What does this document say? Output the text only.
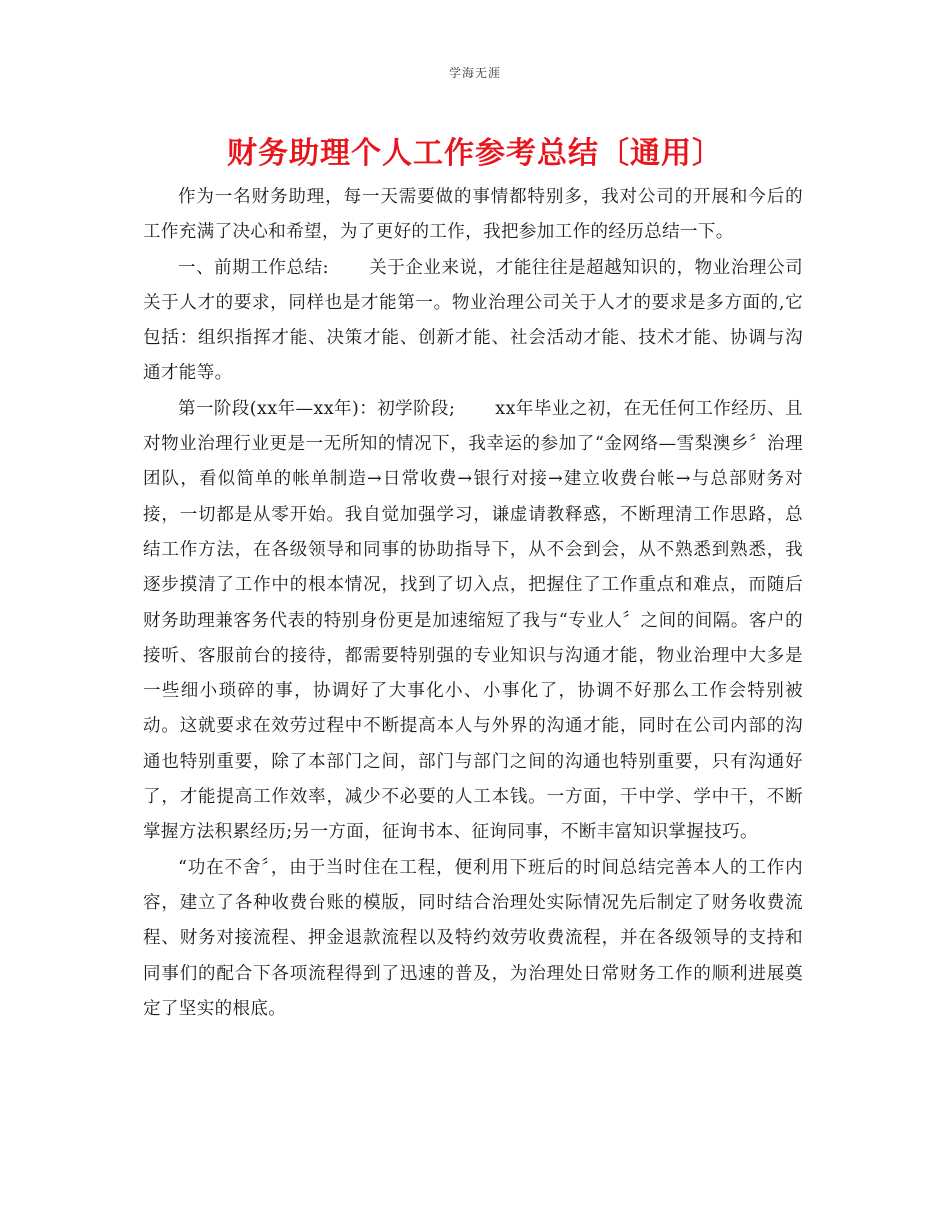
学海无涯
财务助理个人工作参考总结〔通用〕

作为一名财务助理，每一天需要做的事情都特别多，我对公司的开展和今后的工作充满了决心和希望，为了更好的工作，我把参加工作的经历总结一下。

一、前期工作总结: 关于企业来说，才能往往是超越知识的，物业治理公司关于人才的要求，同样也是才能第一。物业治理公司关于人才的要求是多方面的,它包括：组织指挥才能、决策才能、创新才能、社会活动才能、技术才能、协调与沟通才能等。

第一阶段(xx年—xx年)：初学阶段; xx年毕业之初，在无任何工作经历、且对物业治理行业更是一无所知的情况下，我幸运的参加了“金网络—雪梨澳乡〞治理团队，看似简单的帐单制造→日常收费→银行对接→建立收费台帐→与总部财务对接，一切都是从零开始。我自觉加强学习，谦虚请教释惑，不断理清工作思路，总结工作方法，在各级领导和同事的协助指导下，从不会到会，从不熟悉到熟悉，我逐步摸清了工作中的根本情况，找到了切入点，把握住了工作重点和难点，而随后财务助理兼客务代表的特别身份更是加速缩短了我与“专业人〞之间的间隔。客户的接听、客服前台的接待，都需要特别强的专业知识与沟通才能，物业治理中大多是一些细小琐碎的事，协调好了大事化小、小事化了，协调不好那么工作会特别被动。这就要求在效劳过程中不断提高本人与外界的沟通才能，同时在公司内部的沟通也特别重要，除了本部门之间，部门与部门之间的沟通也特别重要，只有沟通好了，才能提高工作效率，减少不必要的人工本钱。一方面，干中学、学中干，不断掌握方法积累经历;另一方面，征询书本、征询同事，不断丰富知识掌握技巧。

“功在不舍〞，由于当时住在工程，便利用下班后的时间总结完善本人的工作内容，建立了各种收费台账的模版，同时结合治理处实际情况先后制定了财务收费流程、财务对接流程、押金退款流程以及特约效劳收费流程，并在各级领导的支持和同事们的配合下各项流程得到了迅速的普及，为治理处日常财务工作的顺利进展奠定了坚实的根底。
